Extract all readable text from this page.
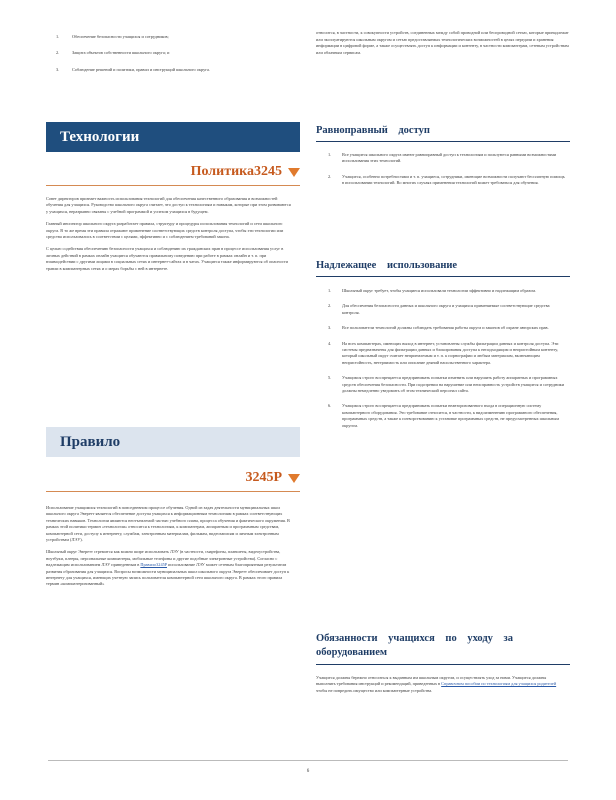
1.	Обеспечение безопасности учащихся и сотрудников;
2.	Защита объектов собственности школьного округа; и
3.	Соблюдение решений и политики, правил и инструкций школьного округа.
Технологии
Политика3245

Совет директоров признает важность использования технологий для обеспечения качественного образования и возможностей обучения для учащихся. Руководство школьного округа считает, что доступ к технологиям и навыкам, которые при этом развиваются у учащихся, неразрывно связаны с учебной программой и успехом учащихся в будущем.

Главный инспектор школьного округа разработает правила, структуру и процедуры использования технологий и сети школьного округа. В то же время эти правила отражают применение соответствующих средств контроля доступа, чтобы эти технологии или средства использовались в соответствии с целями, эффективно и с соблюдением требований закона.

С целью содействия обеспечению безопасности учащихся и соблюдению их гражданских прав в процессе использования услуг в личных действий в рамках онлайн учащиеся обучаются правильному поведению при работе в рамках онлайн и т. п. при взаимодействии с другими лицами в социальных сетях и интернет-сайтах и в чатах. Учащиеся также информируются об опасности травли в компьютерных сетях и о мерах борьбы с ней в интернете.

Правило
3245P

Использование учащимися технологий в повседневном процессе обучения. Одной из задач деятельности муниципальных школ школьного округа Эверетт является обеспечение доступа учащихся к информационным технологиям в рамках соответствующих технических навыков. Технологии являются неотъемлемой частью учебного плана, процесса обучения и фактического окружения. В рамках этой политики термин «технологии» относится к технологиям, к компьютерам, аппаратным и программным средствам, компьютерной сети, доступу к интернету, службам, электронным материалам, фильмам, видеозаписям и личным электронным устройствам (ЛЭУ).

Школьный округ Эверетт стремится как можно шире использовать ЛЭУ (в частности, смартфоны, планшеты, видеоустройства, ноутбуки, плееры, персональные компьютеры, мобильные телефоны и другие подобные электронные устройства). Согласно с надлежащим использованием ЛЭУ приведенным в Правило3245P использование ЛЭУ может сетевым благоприятным результатом развития образования для учащихся. Вопросы возможности муниципальных школ школьного округа Эверетт обеспечивает доступ к интернету для учащихся, имеющих учетную запись пользователя компьютерной сети школьного округа. В рамках этого правила термин «компьютеризованный»

относится, в частности, к совокупности устройств, соединенных между собой проводной или беспроводной сетью, которые принадлежат или эксплуатируются школьным округом и сетью предоставляемых технологических возможностей в целях передачи и хранения информации в цифровой форме, а также осуществлять доступ к информации и контенту, в частности компьютерам, сетевым устройствам или облачным сервисам.
Равноправный доступ
1.	Все учащиеся школьного округа имеют равноправный доступ к технологиям и пользуются равными возможностями использования этих технологий.
2.	Учащиеся, особенно потребностями и т. п. учащиеся, сотрудники, имеющие возможности получают бесплатную помощь в использовании технологий. Во многих случаях применения технологий может требоваться для обучения.
Надлежащее использование
1.	Школьный округ требует, чтобы учащиеся использовали технологии эффективно и надлежащим образом.
2.	Для обеспечения безопасности данных и школьного округа и учащихся применяемые соответствующие средства контроля.
3.	Все пользователи технологий должны соблюдать требования работы округа и законов об охране авторских прав.
4.	На всех компьютерах, имеющих выход в интернет, установлены службы фильтрации данных и контроля доступа. Эти системы предназначены для фильтрации данных и блокирования доступа к неподходящим и непристойным контенту, который школьный округ считает неприемлемым и т. п. к порнографии и любым материалам, включающим непристойность, нетерпимость или описание деяний насильственного характера.
5.	Учащимся строго воспрещается предпринимать попытки изменить или нарушить работу аппаратных и программных средств обеспечения безопасности. При подозрении на нарушение или неисправность устройств учащиеся и сотрудники должны немедленно уведомить об этом технический персонал сайта.
6.	Учащимся строго воспрещается предпринимать попытки неавторизованного входа в операционную систему компьютерного оборудования. Это требование относится, в частности, к видоизменению программного обеспечения, программных средств, а также к потворствованию к установке программных средств, не предусмотренных школьным округом.
Обязанности учащихся по уходу за оборудованием

Учащиеся должны бережно относиться к выданным им школьным округом, и осуществлять уход за ними. Учащиеся должны выполнять требования инструкций и рекомендаций, приведенных в Справочном пособии по технологиям для учащихся родителей чтобы не повредить имущество или компьютерные устройства.

6
